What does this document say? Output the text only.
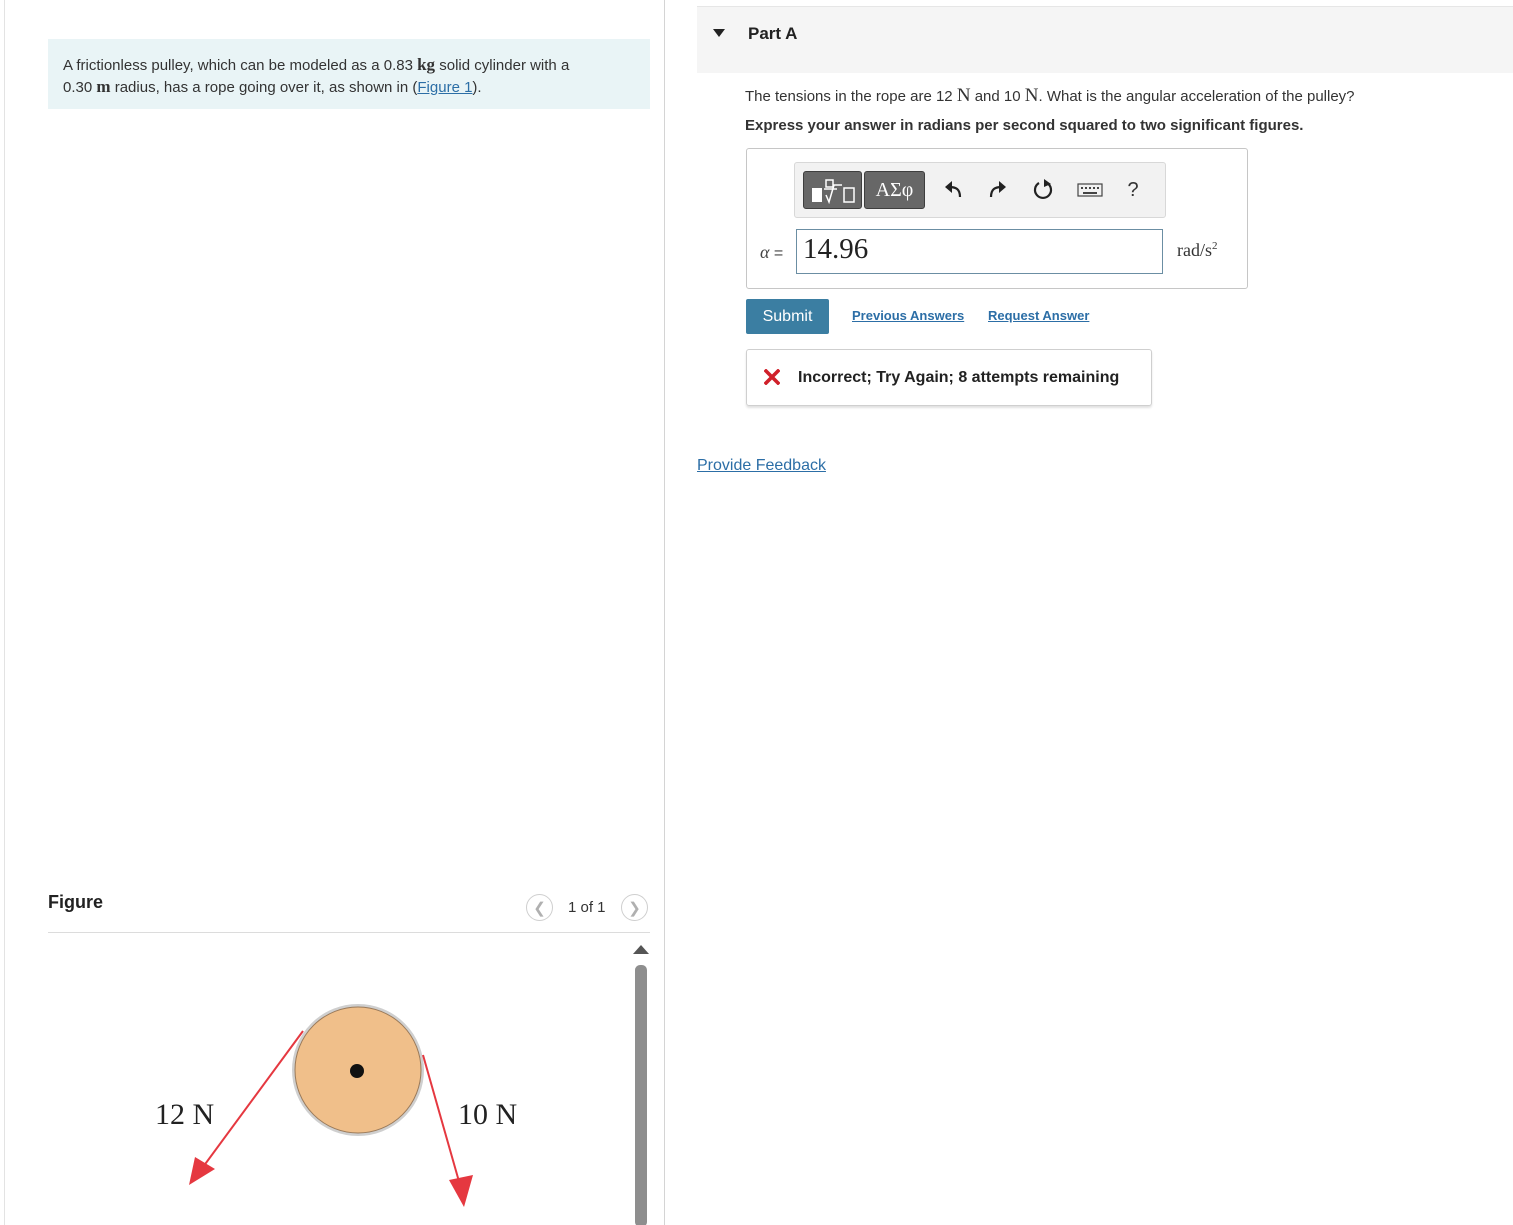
A frictionless pulley, which can be modeled as a 0.83 kg solid cylinder with a
0.30 m radius, has a rope going over it, as shown in (Figure 1).
Figure	❮ 1 of 1 ❯
12 N	10 N
Part A
The tensions in the rope are 12 N and 10 N. What is the angular acceleration of the pulley?
Express your answer in radians per second squared to two significant figures.
ΑΣφ	?
α = 14.96	rad/$s^2$
Submit	Previous Answers Request Answer
Incorrect; Try Again; 8 attempts remaining
Provide Feedback
